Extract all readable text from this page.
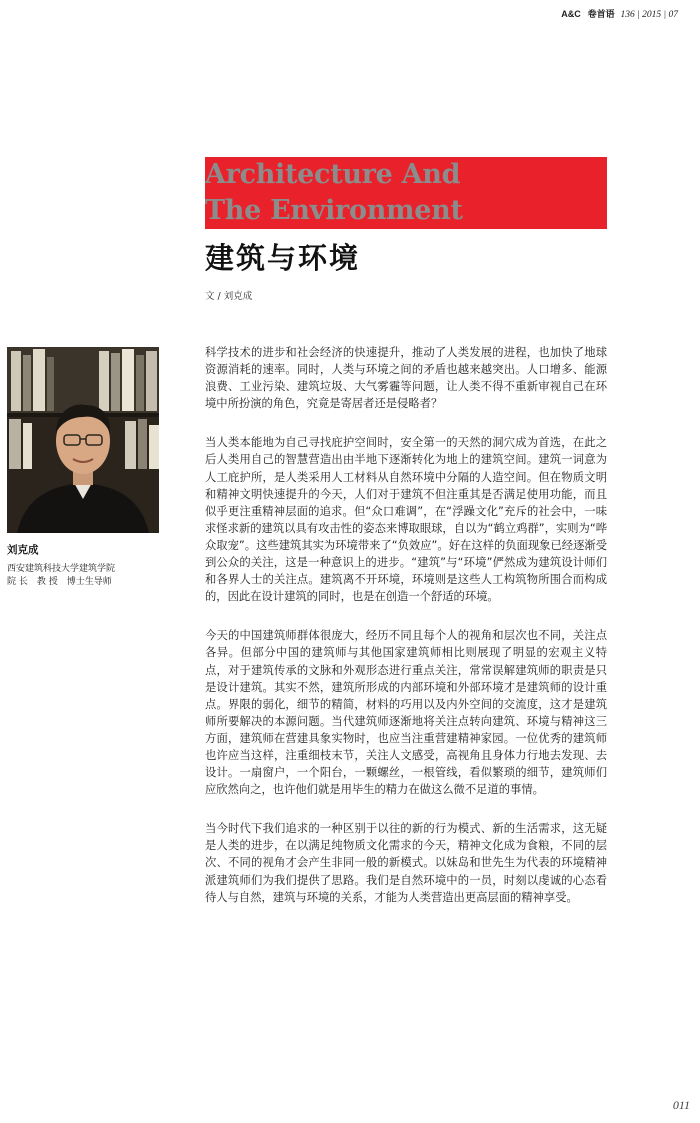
A&C 卷首语 136 | 2015 | 07
Architecture And
The Environment
建筑与环境
文 / 刘克成
刘克成
西安建筑科技大学建筑学院
院 长　教 授　博士生导师

科学技术的进步和社会经济的快速提升，推动了人类发展的进程，也加快了地球资源消耗的速率。同时，人类与环境之间的矛盾也越来越突出。人口增多、能源浪费、工业污染、建筑垃圾、大气雾霾等问题，让人类不得不重新审视自己在环境中所扮演的角色，究竟是寄居者还是侵略者？

当人类本能地为自己寻找庇护空间时，安全第一的天然的洞穴成为首选，在此之后人类用自己的智慧营造出由半地下逐渐转化为地上的建筑空间。建筑一词意为人工庇护所，是人类采用人工材料从自然环境中分隔的人造空间。但在物质文明和精神文明快速提升的今天，人们对于建筑不但注重其是否满足使用功能，而且似乎更注重精神层面的追求。但“众口难调”，在“浮躁文化”充斥的社会中，一味求怪求新的建筑以具有攻击性的姿态来博取眼球，自以为“鹤立鸡群”，实则为“哗众取宠”。这些建筑其实为环境带来了“负效应”。好在这样的负面现象已经逐渐受到公众的关注，这是一种意识上的进步。“建筑”与“环境”俨然成为建筑设计师们和各界人士的关注点。建筑离不开环境，环境则是这些人工构筑物所围合而构成的，因此在设计建筑的同时，也是在创造一个舒适的环境。

今天的中国建筑师群体很庞大，经历不同且每个人的视角和层次也不同，关注点各异。但部分中国的建筑师与其他国家建筑师相比则展现了明显的宏观主义特点，对于建筑传承的文脉和外观形态进行重点关注，常常误解建筑师的职责是只是设计建筑。其实不然，建筑所形成的内部环境和外部环境才是建筑师的设计重点。界限的弱化，细节的精简，材料的巧用以及内外空间的交流度，这才是建筑师所要解决的本源问题。当代建筑师逐渐地将关注点转向建筑、环境与精神这三方面，建筑师在营建具象实物时，也应当注重营建精神家园。一位优秀的建筑师也许应当这样，注重细枝末节，关注人文感受，高视角且身体力行地去发现、去设计。一扇窗户，一个阳台，一颗螺丝，一根管线，看似繁琐的细节，建筑师们应欣然向之，也许他们就是用毕生的精力在做这么微不足道的事情。

当今时代下我们追求的一种区别于以往的新的行为模式、新的生活需求，这无疑是人类的进步，在以满足纯物质文化需求的今天，精神文化成为食粮，不同的层次、不同的视角才会产生非同一般的新模式。以妹岛和世先生为代表的环境精神派建筑师们为我们提供了思路。我们是自然环境中的一员，时刻以虔诚的心态看待人与自然，建筑与环境的关系，才能为人类营造出更高层面的精神享受。

011
